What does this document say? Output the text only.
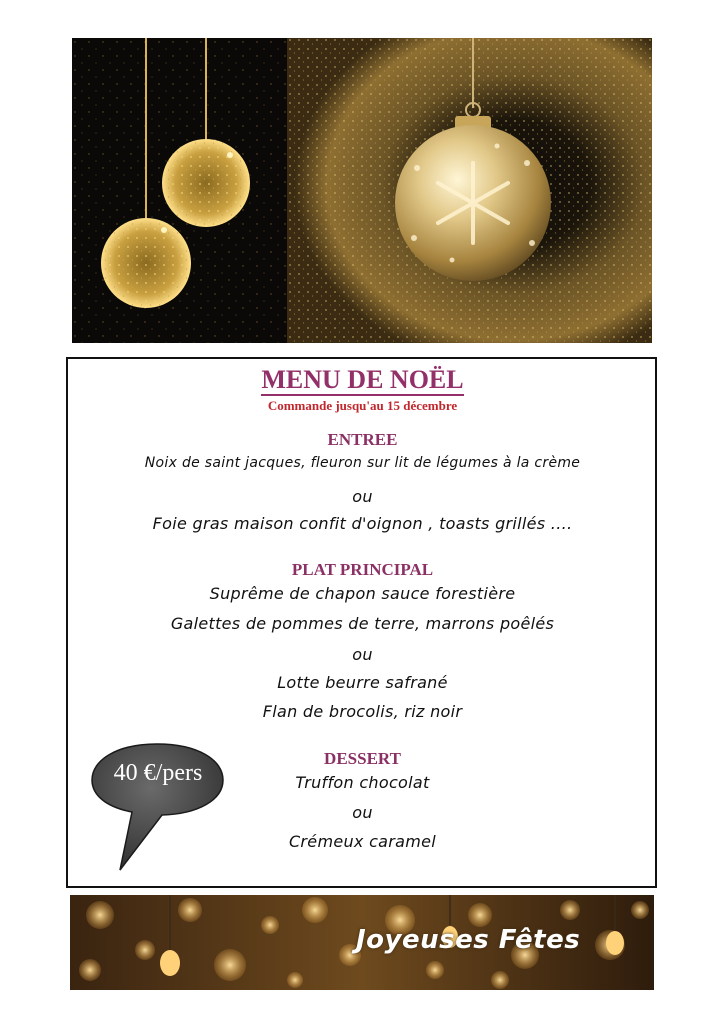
MENU DE NOËL
Commande jusqu'au 15 décembre
ENTREE
Noix de saint jacques, fleuron sur lit de légumes à la crème
ou
Foie gras maison confit d'oignon , toasts grillés ....
PLAT PRINCIPAL
Suprême de chapon sauce forestière
Galettes de pommes de terre, marrons poêlés
ou
Lotte beurre safrané
Flan de brocolis, riz noir
DESSERT
Truffon chocolat
ou
Crémeux caramel
40 €/pers
Joyeuses Fêtes
